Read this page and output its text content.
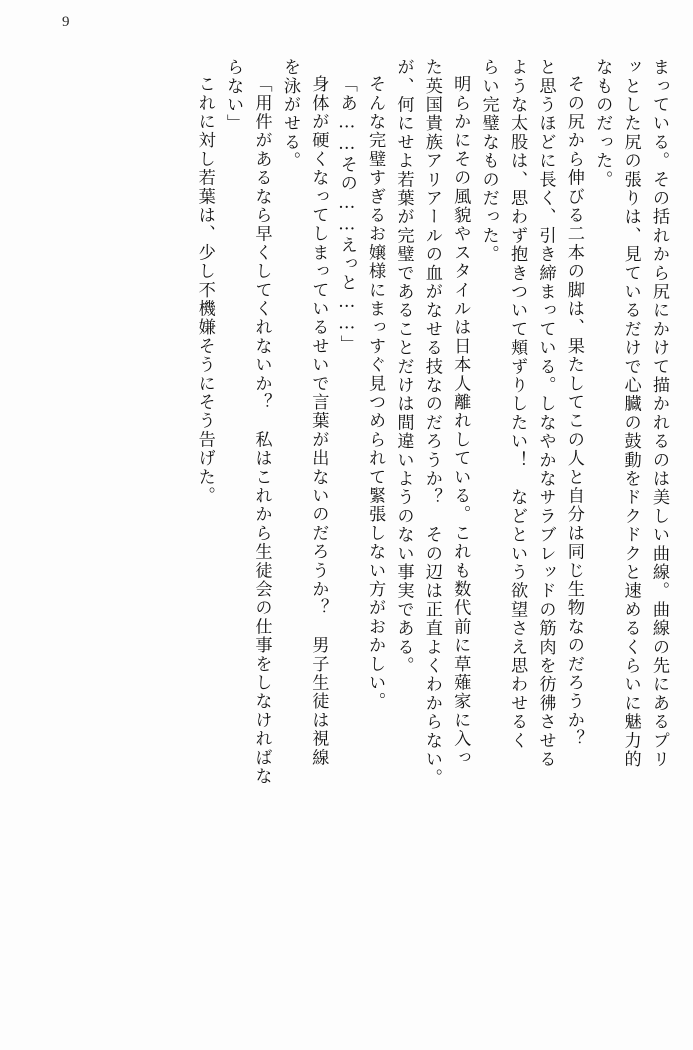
9
まっている。その括れから尻にかけて描かれるのは美しい曲線。曲線の先にあるプリ
ッとした尻の張りは、見ているだけで心臓の鼓動をドクドクと速めるくらいに魅力的
なものだった。
その尻から伸びる二本の脚は、果たしてこの人と自分は同じ生物なのだろうか？
と思うほどに長く、引き締まっている。しなやかなサラブレッドの筋肉を彷彿させる
ような太股は、思わず抱きついて頬ずりしたい！　などという欲望さえ思わせるく
らい完璧なものだった。
明らかにその風貌やスタイルは日本人離れしている。これも数代前に草薙家に入っ
た英国貴族アリアールの血がなせる技なのだろうか？　その辺は正直よくわからない。
が、何にせよ若葉が完璧であることだけは間違いようのない事実である。
そんな完璧すぎるお嬢様にまっすぐ見つめられて緊張しない方がおかしい。
「あ……その……えっと……」
身体が硬くなってしまっているせいで言葉が出ないのだろうか？　男子生徒は視線
を泳がせる。
「用件があるなら早くしてくれないか？　私はこれから生徒会の仕事をしなければな
らない」
これに対し若葉は、少し不機嫌そうにそう告げた。
